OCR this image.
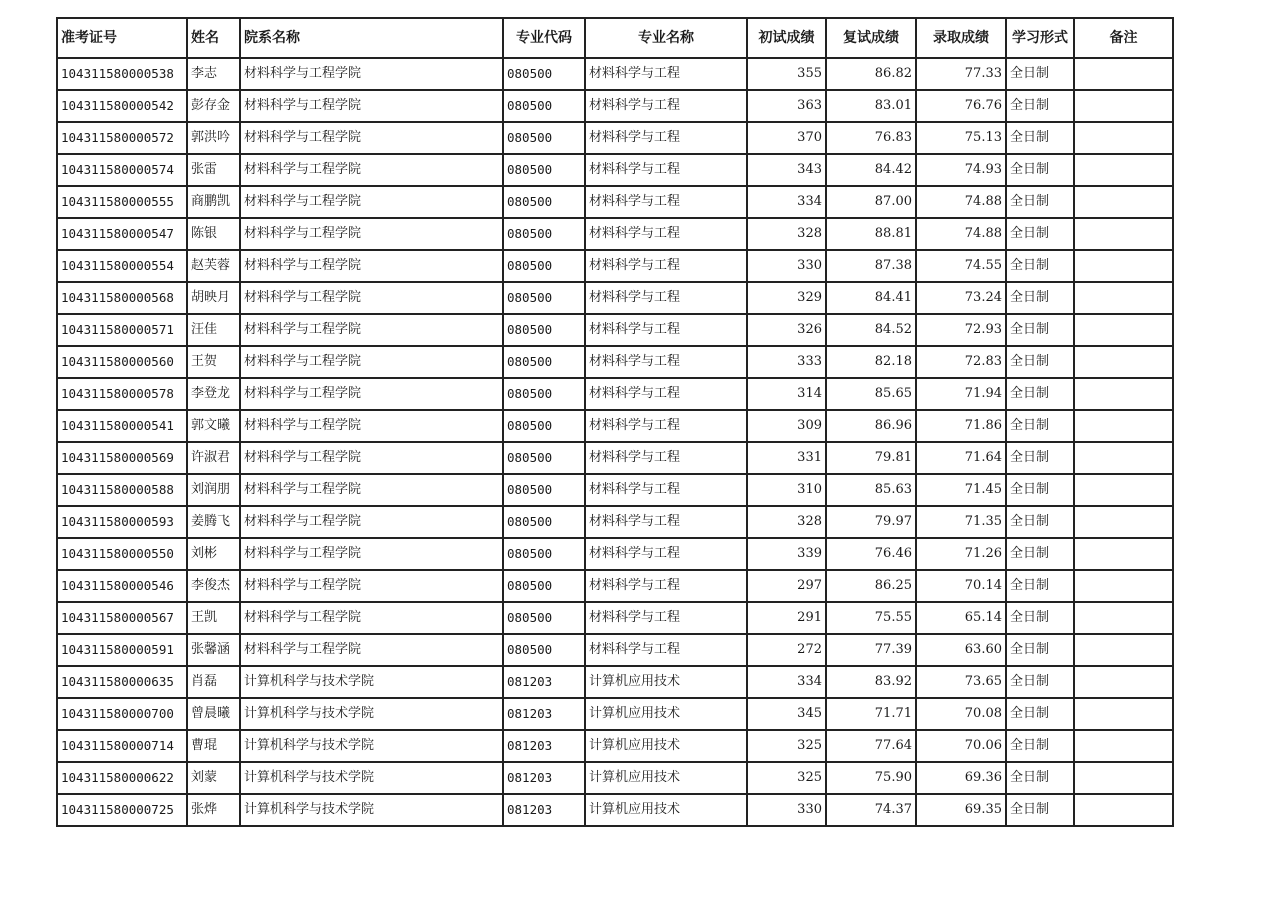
准考证号	姓名	院系名称	专业代码	专业名称	初试成绩	复试成绩	录取成绩	学习形式	备注
104311580000538	李志	材料科学与工程学院	080500	材料科学与工程	355	86.82	77.33	全日制	
104311580000542	彭存金	材料科学与工程学院	080500	材料科学与工程	363	83.01	76.76	全日制	
104311580000572	郭洪吟	材料科学与工程学院	080500	材料科学与工程	370	76.83	75.13	全日制	
104311580000574	张雷	材料科学与工程学院	080500	材料科学与工程	343	84.42	74.93	全日制	
104311580000555	商鹏凯	材料科学与工程学院	080500	材料科学与工程	334	87.00	74.88	全日制	
104311580000547	陈银	材料科学与工程学院	080500	材料科学与工程	328	88.81	74.88	全日制	
104311580000554	赵芙蓉	材料科学与工程学院	080500	材料科学与工程	330	87.38	74.55	全日制	
104311580000568	胡映月	材料科学与工程学院	080500	材料科学与工程	329	84.41	73.24	全日制	
104311580000571	汪佳	材料科学与工程学院	080500	材料科学与工程	326	84.52	72.93	全日制	
104311580000560	王贺	材料科学与工程学院	080500	材料科学与工程	333	82.18	72.83	全日制	
104311580000578	李登龙	材料科学与工程学院	080500	材料科学与工程	314	85.65	71.94	全日制	
104311580000541	郭文曦	材料科学与工程学院	080500	材料科学与工程	309	86.96	71.86	全日制	
104311580000569	许淑君	材料科学与工程学院	080500	材料科学与工程	331	79.81	71.64	全日制	
104311580000588	刘润朋	材料科学与工程学院	080500	材料科学与工程	310	85.63	71.45	全日制	
104311580000593	姜腾飞	材料科学与工程学院	080500	材料科学与工程	328	79.97	71.35	全日制	
104311580000550	刘彬	材料科学与工程学院	080500	材料科学与工程	339	76.46	71.26	全日制	
104311580000546	李俊杰	材料科学与工程学院	080500	材料科学与工程	297	86.25	70.14	全日制	
104311580000567	王凯	材料科学与工程学院	080500	材料科学与工程	291	75.55	65.14	全日制	
104311580000591	张馨涵	材料科学与工程学院	080500	材料科学与工程	272	77.39	63.60	全日制	
104311580000635	肖磊	计算机科学与技术学院	081203	计算机应用技术	334	83.92	73.65	全日制	
104311580000700	曾晨曦	计算机科学与技术学院	081203	计算机应用技术	345	71.71	70.08	全日制	
104311580000714	曹琨	计算机科学与技术学院	081203	计算机应用技术	325	77.64	70.06	全日制	
104311580000622	刘蒙	计算机科学与技术学院	081203	计算机应用技术	325	75.90	69.36	全日制	
104311580000725	张烨	计算机科学与技术学院	081203	计算机应用技术	330	74.37	69.35	全日制	
